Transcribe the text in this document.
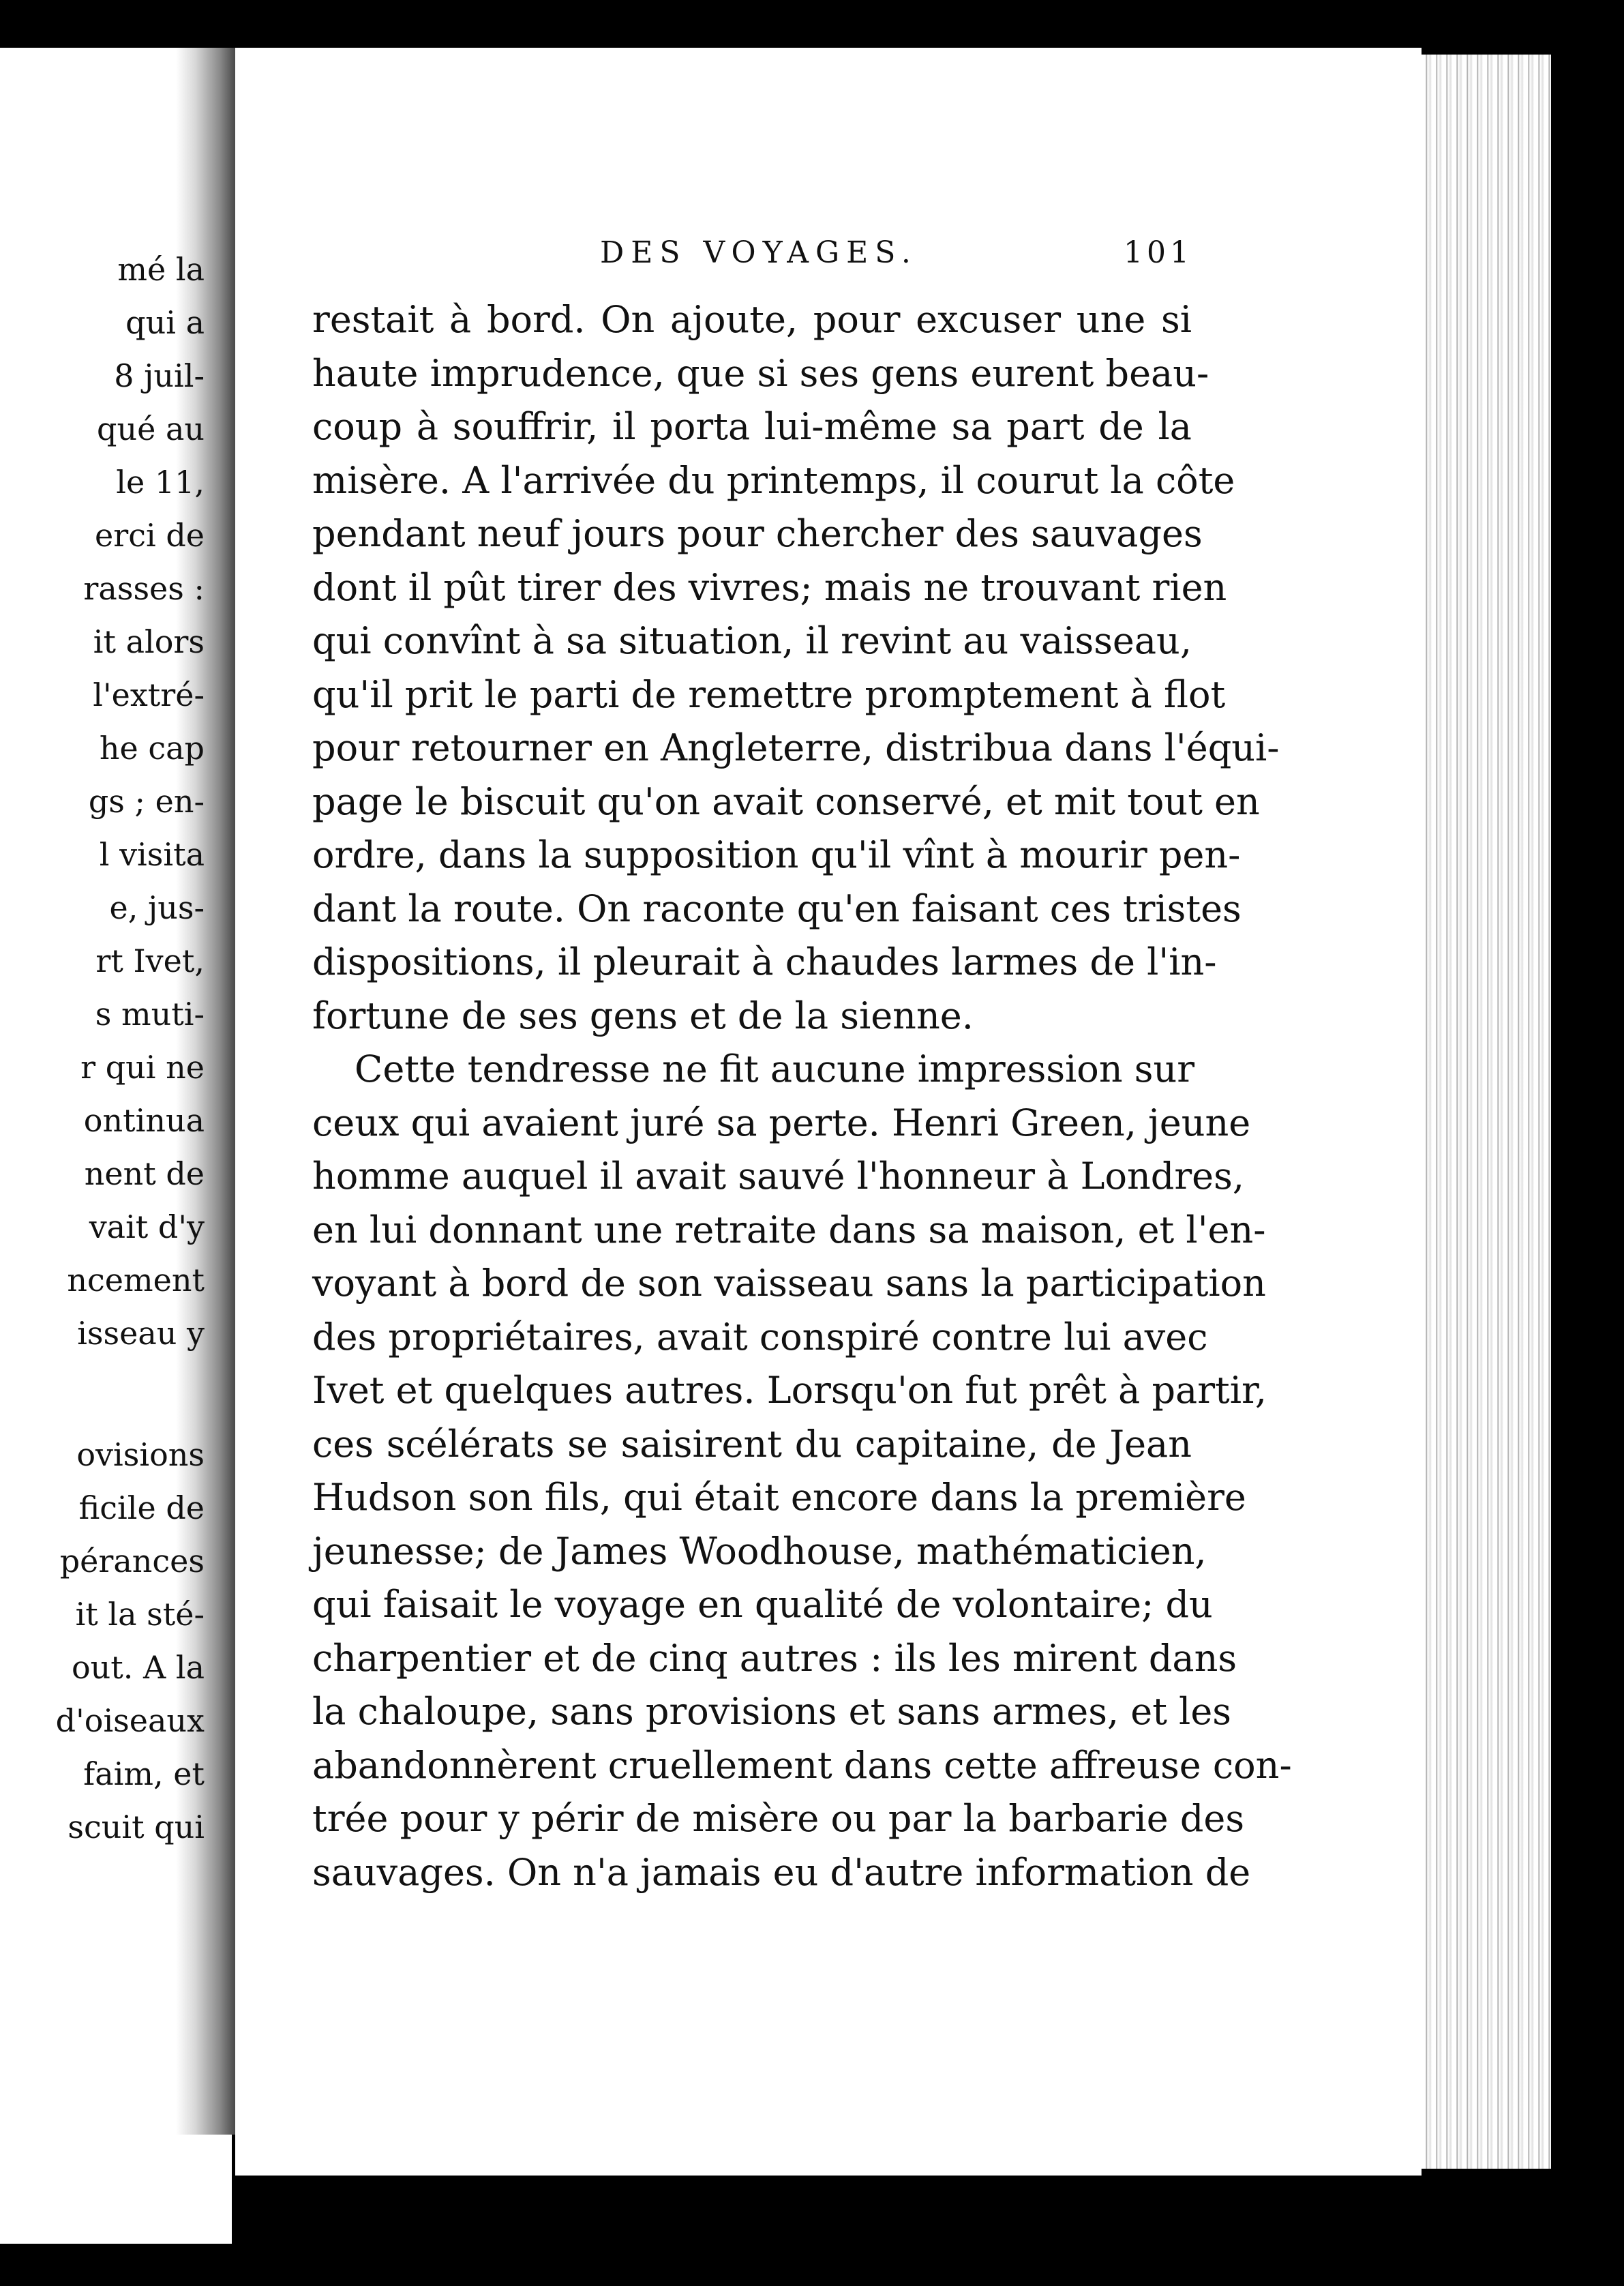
mé la
qui a
8 juil-
qué au
le 11,
erci de
rasses :
it alors
l'extré-
he cap
gs ; en-
l visita
e, jus-
rt Ivet,
s muti-
r qui ne
ontinua
nent de
vait d'y
ncement
isseau y
ovisions
ficile de
pérances
it la sté-
out. A la
d'oiseaux
faim, et
scuit qui
DES VOYAGES.	101
restait à bord. On ajoute, pour excuser une si
haute imprudence, que si ses gens eurent beau-
coup à souffrir, il porta lui-même sa part de la
misère. A l'arrivée du printemps, il courut la côte
pendant neuf jours pour chercher des sauvages
dont il pût tirer des vivres; mais ne trouvant rien
qui convînt à sa situation, il revint au vaisseau,
qu'il prit le parti de remettre promptement à flot
pour retourner en Angleterre, distribua dans l'équi-
page le biscuit qu'on avait conservé, et mit tout en
ordre, dans la supposition qu'il vînt à mourir pen-
dant la route. On raconte qu'en faisant ces tristes
dispositions, il pleurait à chaudes larmes de l'in-
fortune de ses gens et de la sienne.
Cette tendresse ne fit aucune impression sur
ceux qui avaient juré sa perte. Henri Green, jeune
homme auquel il avait sauvé l'honneur à Londres,
en lui donnant une retraite dans sa maison, et l'en-
voyant à bord de son vaisseau sans la participation
des propriétaires, avait conspiré contre lui avec
Ivet et quelques autres. Lorsqu'on fut prêt à partir,
ces scélérats se saisirent du capitaine, de Jean
Hudson son fils, qui était encore dans la première
jeunesse; de James Woodhouse, mathématicien,
qui faisait le voyage en qualité de volontaire; du
charpentier et de cinq autres : ils les mirent dans
la chaloupe, sans provisions et sans armes, et les
abandonnèrent cruellement dans cette affreuse con-
trée pour y périr de misère ou par la barbarie des
sauvages. On n'a jamais eu d'autre information de
